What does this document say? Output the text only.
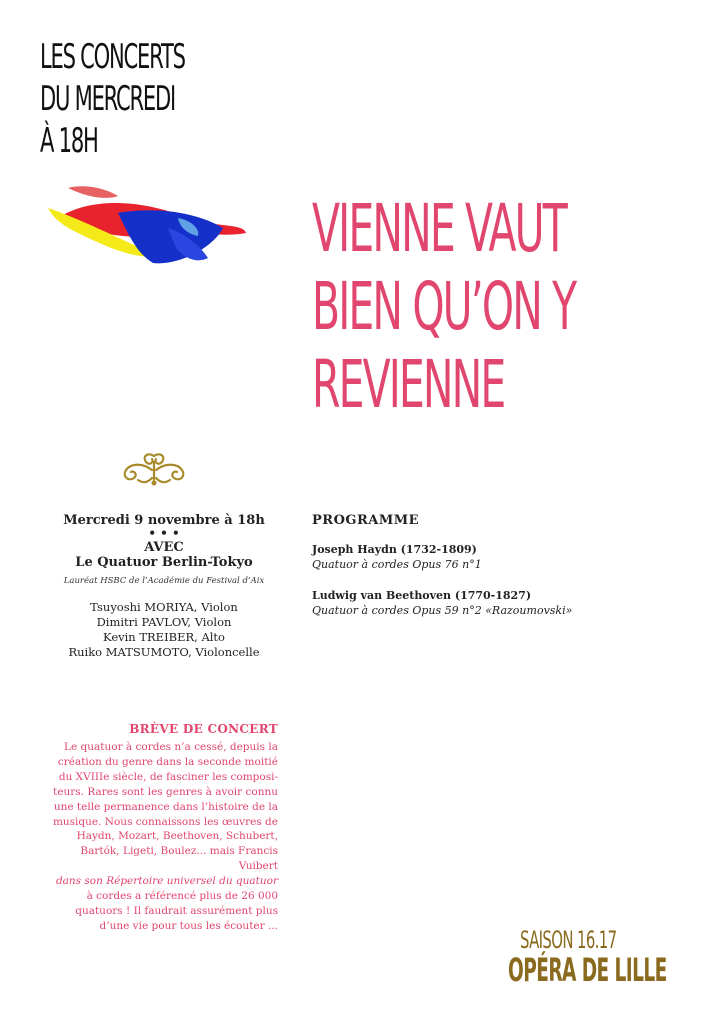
LES CONCERTS
DU MERCREDI
À 18H
VIENNE VAUT
BIEN QU’ON Y
REVIENNE
Mercredi 9 novembre à 18h
• • •
AVEC
Le Quatuor Berlin-Tokyo
Lauréat HSBC de l’Académie du Festival d’Aix
Tsuyoshi MORIYA, Violon
Dimitri PAVLOV, Violon
Kevin TREIBER, Alto
Ruiko MATSUMOTO, Violoncelle
PROGRAMME
Joseph Haydn (1732-1809)
Quatuor à cordes Opus 76 n°1
Ludwig van Beethoven (1770-1827)
Quatuor à cordes Opus 59 n°2 «Razoumovski»
BRÈVE DE CONCERT
Le quatuor à cordes n’a cessé, depuis la
création du genre dans la seconde moitié
du XVIIIe siècle, de fasciner les composi-
teurs. Rares sont les genres à avoir connu
une telle permanence dans l’histoire de la
musique. Nous connaissons les œuvres de
Haydn, Mozart, Beethoven, Schubert,
Bartók, Ligeti, Boulez... mais Francis Vuibert
dans son Répertoire universel du quatuor
à cordes a référencé plus de 26 000
quatuors ! Il faudrait assurément plus
d’une vie pour tous les écouter ...
SAISON 16.17
OPÉRA DE LILLE
